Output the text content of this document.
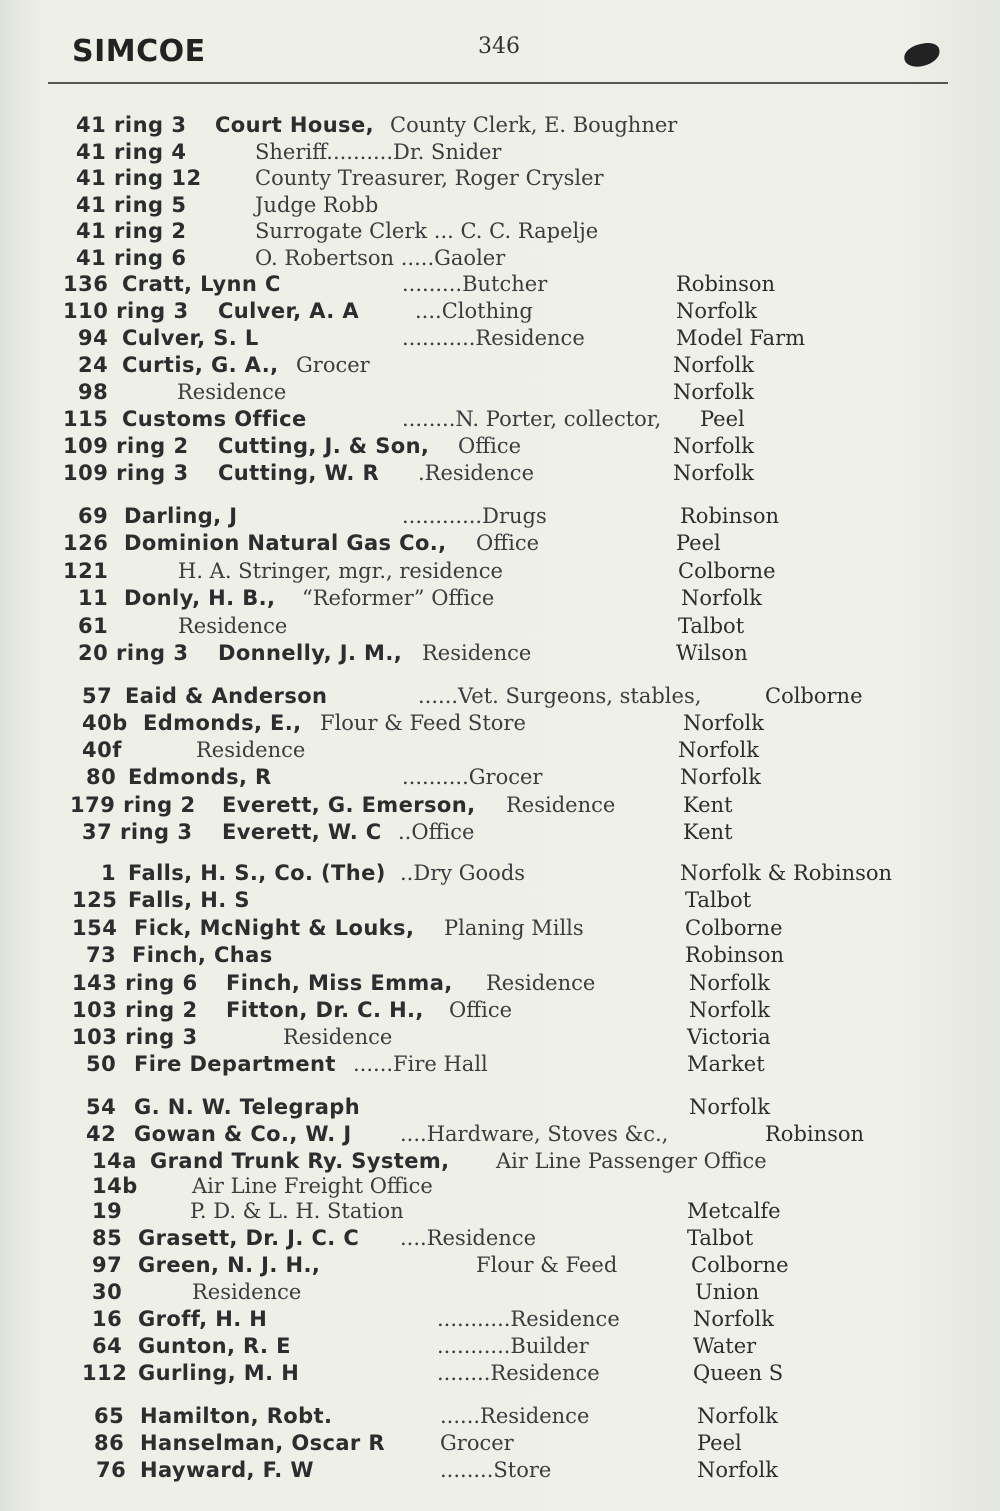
SIMCOE	346
41 ring 3 Court House, County Clerk, E. Boughner
41 ring 4	Sheriff..........Dr. Snider
41 ring 12	County Treasurer, Roger Crysler
41 ring 5	Judge Robb
41 ring 2	Surrogate Clerk ... C. C. Rapelje
41 ring 6	O. Robertson .....Gaoler
136 Cratt, Lynn C	.........Butcher	Robinson
110 ring 3 Culver, A. A	....Clothing	Norfolk
94 Culver, S. L	...........Residence	Model Farm
24 Curtis, G. A., Grocer	Norfolk
98	Residence	Norfolk
115 Customs Office	........N. Porter, collector, Peel
109 ring 2 Cutting, J. & Son, Office	Norfolk
109 ring 3 Cutting, W. R .Residence	Norfolk
69 Darling, J	............Drugs	Robinson
126 Dominion Natural Gas Co., Office	Peel
121	H. A. Stringer, mgr., residence	Colborne
11 Donly, H. B., “Reformer” Office	Norfolk
61	Residence	Talbot
20 ring 3 Donnelly, J. M., Residence	Wilson
57 Eaid & Anderson	......Vet. Surgeons, stables,	Colborne
40b Edmonds, E., Flour & Feed Store	Norfolk
40f	Residence	Norfolk
80 Edmonds, R	..........Grocer	Norfolk
179 ring 2 Everett, G. Emerson, Residence	Kent
37 ring 3 Everett, W. C ..Office	Kent
1 Falls, H. S., Co. (The) ..Dry Goods	Norfolk & Robinson
125 Falls, H. S	Talbot
154 Fick, McNight & Louks, Planing Mills	Colborne
73 Finch, Chas	Robinson
143 ring 6 Finch, Miss Emma, Residence	Norfolk
103 ring 2 Fitton, Dr. C. H., Office	Norfolk
103 ring 3	Residence	Victoria
50 Fire Department ......Fire Hall	Market
54 G. N. W. Telegraph	Norfolk
42 Gowan & Co., W. J ....Hardware, Stoves &c.,	Robinson
14a Grand Trunk Ry. System, Air Line Passenger Office
14b	Air Line Freight Office
19	P. D. & L. H. Station	Metcalfe
85 Grasett, Dr. J. C. C ....Residence	Talbot
97 Green, N. J. H.,	Flour & Feed	Colborne
30	Residence	Union
16 Groff, H. H	...........Residence	Norfolk
64 Gunton, R. E	...........Builder	Water
112 Gurling, M. H	........Residence	Queen S
65 Hamilton, Robt.	......Residence	Norfolk
86 Hanselman, Oscar R	Grocer	Peel
76 Hayward, F. W	........Store	Norfolk
